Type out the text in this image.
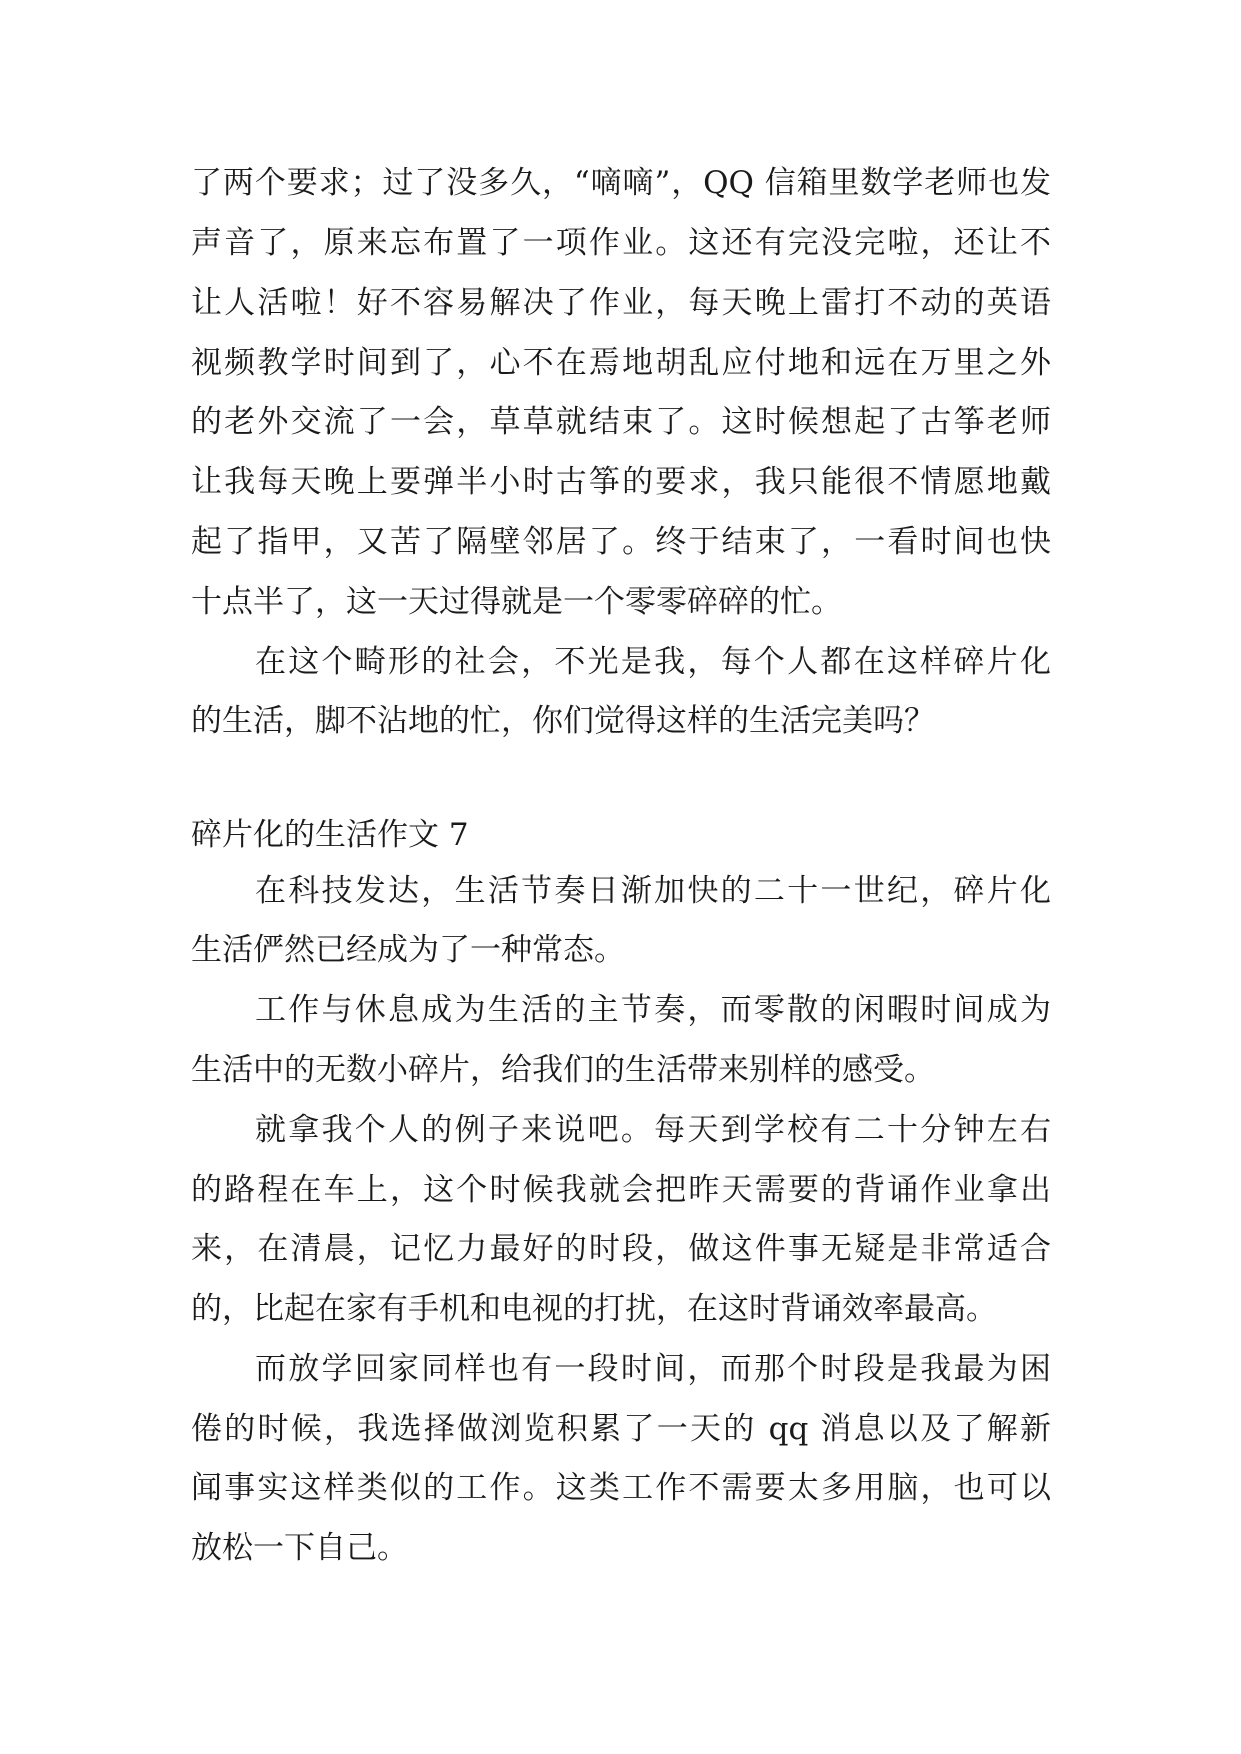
了两个要求；过了没多久，“嘀嘀”，QQ 信箱里数学老师也发
声音了，原来忘布置了一项作业。这还有完没完啦，还让不
让人活啦！好不容易解决了作业，每天晚上雷打不动的英语
视频教学时间到了，心不在焉地胡乱应付地和远在万里之外
的老外交流了一会，草草就结束了。这时候想起了古筝老师
让我每天晚上要弹半小时古筝的要求，我只能很不情愿地戴
起了指甲，又苦了隔壁邻居了。终于结束了，一看时间也快
十点半了，这一天过得就是一个零零碎碎的忙。
在这个畸形的社会，不光是我，每个人都在这样碎片化
的生活，脚不沾地的忙，你们觉得这样的生活完美吗？
碎片化的生活作文 7
在科技发达，生活节奏日渐加快的二十一世纪，碎片化
生活俨然已经成为了一种常态。
工作与休息成为生活的主节奏，而零散的闲暇时间成为
生活中的无数小碎片，给我们的生活带来别样的感受。
就拿我个人的例子来说吧。每天到学校有二十分钟左右
的路程在车上，这个时候我就会把昨天需要的背诵作业拿出
来，在清晨，记忆力最好的时段，做这件事无疑是非常适合
的，比起在家有手机和电视的打扰，在这时背诵效率最高。
而放学回家同样也有一段时间，而那个时段是我最为困
倦的时候，我选择做浏览积累了一天的 qq 消息以及了解新
闻事实这样类似的工作。这类工作不需要太多用脑，也可以
放松一下自己。
